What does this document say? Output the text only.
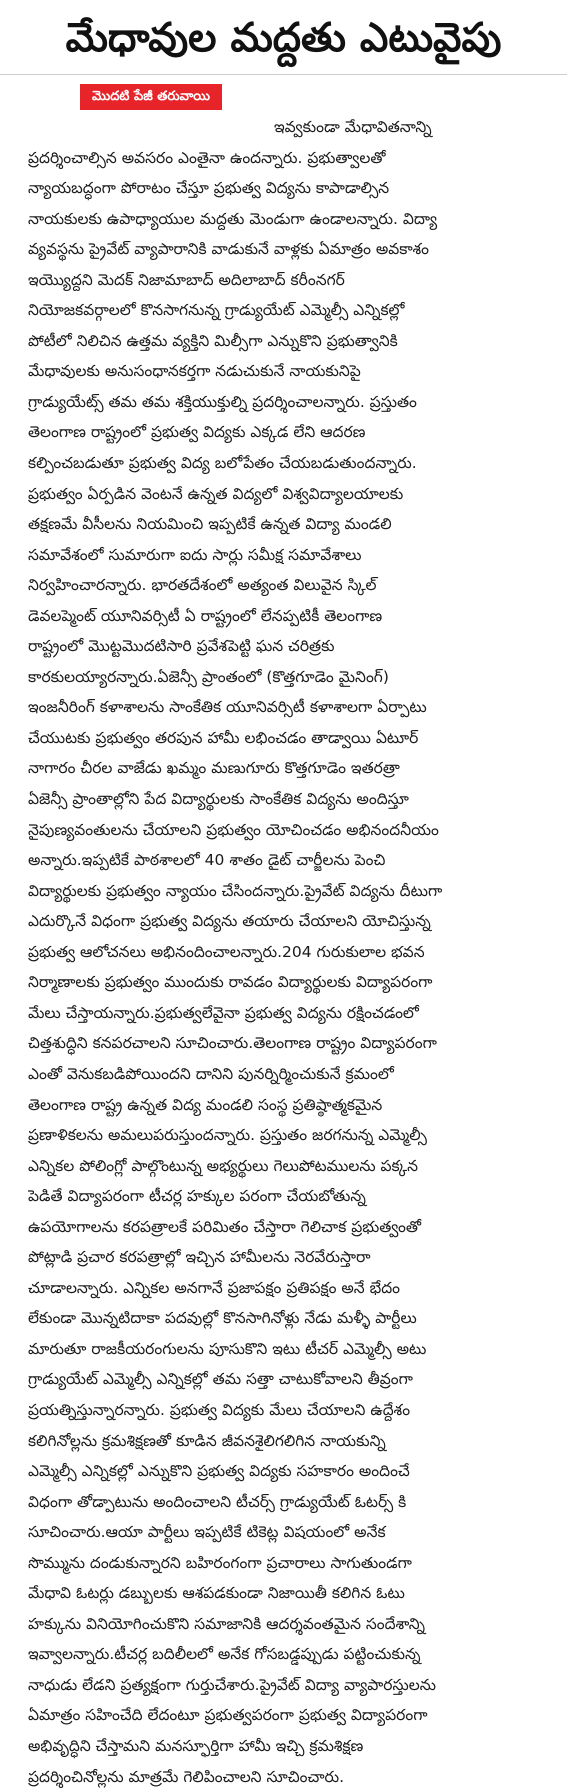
మేధావుల మద్దతు ఎటువైపు
మొదటి పేజీ తరువాయి
ఇవ్వకుండా మేధావితనాన్ని
ప్రదర్శించాల్సిన అవసరం ఎంతైనా ఉందన్నారు. ప్రభుత్వాలతో
న్యాయబద్ధంగా పోరాటం చేస్తూ ప్రభుత్వ విద్యను కాపాడాల్సిన
నాయకులకు ఉపాధ్యాయుల మద్దతు మెండుగా ఉండాలన్నారు. విద్యా
వ్యవస్థను ప్రైవేట్ వ్యాపారానికి వాడుకునే వాళ్లకు ఏమాత్రం అవకాశం
ఇయ్యొద్దని మెదక్ నిజామాబాద్ అదిలాబాద్ కరీంనగర్
నియోజకవర్గాలలో కొనసాగనున్న గ్రాడ్యుయేట్ ఎమ్మెల్సీ ఎన్నికల్లో
పోటీలో నిలిచిన ఉత్తమ వ్యక్తిని మిల్సీగా ఎన్నుకొని ప్రభుత్వానికి
మేధావులకు అనుసంధానకర్తగా నడుచుకునే నాయకునిపై
గ్రాడ్యుయేట్స్ తమ తమ శక్తియుక్తుల్ని ప్రదర్శించాలన్నారు. ప్రస్తుతం
తెలంగాణ రాష్ట్రంలో ప్రభుత్వ విద్యకు ఎక్కడ లేని ఆదరణ
కల్పించబడుతూ ప్రభుత్వ విద్య బలోపేతం చేయబడుతుందన్నారు.
ప్రభుత్వం ఏర్పడిన వెంటనే ఉన్నత విద్యలో విశ్వవిద్యాలయాలకు
తక్షణమే వీసీలను నియమించి ఇప్పటికే ఉన్నత విద్యా మండలి
సమావేశంలో సుమారుగా ఐదు సార్లు సమీక్ష సమావేశాలు
నిర్వహించారన్నారు. భారతదేశంలో అత్యంత విలువైన స్కిల్
డెవలప్మెంట్ యూనివర్సిటీ ఏ రాష్ట్రంలో లేనప్పటికీ తెలంగాణ
రాష్ట్రంలో మొట్టమొదటిసారి ప్రవేశపెట్టి ఘన చరిత్రకు
కారకులయ్యారన్నారు.ఏజెన్సీ ప్రాంతంలో (కొత్తగూడెం మైనింగ్)
ఇంజనీరింగ్ కళాశాలను సాంకేతిక యూనివర్సిటీ కళాశాలగా ఏర్పాటు
చేయుటకు ప్రభుత్వం తరపున హామీ లభించడం తాడ్వాయి ఏటూర్
నాగారం చీరల వాజేడు ఖమ్మం మణుగూరు కొత్తగూడెం ఇతరత్రా
ఏజెన్సీ ప్రాంతాల్లోని పేద విద్యార్థులకు సాంకేతిక విద్యను అందిస్తూ
నైపుణ్యవంతులను చేయాలని ప్రభుత్వం యోచించడం అభినందనీయం
అన్నారు.ఇప్పటికే పాఠశాలలో 40 శాతం డైట్ చార్జీలను పెంచి
విద్యార్థులకు ప్రభుత్వం న్యాయం చేసిందన్నారు.ప్రైవేట్ విద్యను దీటుగా
ఎదుర్కొనే విధంగా ప్రభుత్వ విద్యను తయారు చేయాలని యోచిస్తున్న
ప్రభుత్వ ఆలోచనలు అభినందించాలన్నారు.204 గురుకులాల భవన
నిర్మాణాలకు ప్రభుత్వం ముందుకు రావడం విద్యార్థులకు విద్యాపరంగా
మేలు చేస్తాయన్నారు.ప్రభుత్వలేవైనా ప్రభుత్వ విద్యను రక్షించడంలో
చిత్తశుద్ధిని కనపరచాలని సూచించారు.తెలంగాణ రాష్ట్రం విద్యాపరంగా
ఎంతో వెనుకబడిపోయిందని దానిని పునర్నిర్మించుకునే క్రమంలో
తెలంగాణ రాష్ట్ర ఉన్నత విద్య మండలి సంస్థ ప్రతిష్ఠాత్మకమైన
ప్రణాళికలను అమలుపరుస్తుందన్నారు. ప్రస్తుతం జరగనున్న ఎమ్మెల్సీ
ఎన్నికల పోలింగ్లో పాల్గొంటున్న అభ్యర్థులు గెలుపోటములను పక్కన
పెడితే విద్యాపరంగా టీచర్ల హక్కుల పరంగా చేయబోతున్న
ఉపయోగాలను కరపత్రాలకే పరిమితం చేస్తారా గెలిచాక ప్రభుత్వంతో
పోట్లాడి ప్రచార కరపత్రాల్లో ఇచ్చిన హామీలను నెరవేరుస్తారా
చూడాలన్నారు. ఎన్నికల అనగానే ప్రజాపక్షం ప్రతిపక్షం అనే భేదం
లేకుండా మొన్నటిదాకా పదవుల్లో కొనసాగినోళ్లు నేడు మళ్ళీ పార్టీలు
మారుతూ రాజకీయరంగులను పూసుకొని ఇటు టీచర్ ఎమ్మెల్సీ అటు
గ్రాడ్యుయేట్ ఎమ్మెల్సీ ఎన్నికల్లో తమ సత్తా చాటుకోవాలని తీవ్రంగా
ప్రయత్నిస్తున్నారన్నారు. ప్రభుత్వ విద్యకు మేలు చేయాలని ఉద్దేశం
కలిగినోల్లను క్రమశిక్షణతో కూడిన జీవనశైలిగలిగిన నాయకున్ని
ఎమ్మెల్సీ ఎన్నికల్లో ఎన్నుకొని ప్రభుత్వ విద్యకు సహకారం అందించే
విధంగా తోడ్పాటును అందించాలని టీచర్స్ గ్రాడ్యుయేట్ ఓటర్స్ కి
సూచించారు.ఆయా పార్టీలు ఇప్పటికే టికెట్ల విషయంలో అనేక
సొమ్మును దండుకున్నారని బహిరంగంగా ప్రచారాలు సాగుతుండగా
మేధావి ఓటర్లు డబ్బులకు ఆశపడకుండా నిజాయితీ కలిగిన ఓటు
హక్కును వినియోగించుకొని సమాజానికి ఆదర్శవంతమైన సందేశాన్ని
ఇవ్వాలన్నారు.టీచర్ల బదిలీలలో అనేక గోసబడ్డప్పుడు పట్టించుకున్న
నాధుడు లేడని ప్రత్యక్షంగా గుర్తుచేశారు.ప్రైవేట్ విద్యా వ్యాపారస్తులను
ఏమాత్రం సహించేది లేదంటూ ప్రభుత్వపరంగా ప్రభుత్వ విద్యాపరంగా
అభివృద్ధిని చేస్తామని మనస్ఫూర్తిగా హామీ ఇచ్చి క్రమశిక్షణ
ప్రదర్శించినోల్లను మాత్రమే గెలిపించాలని సూచించారు.
